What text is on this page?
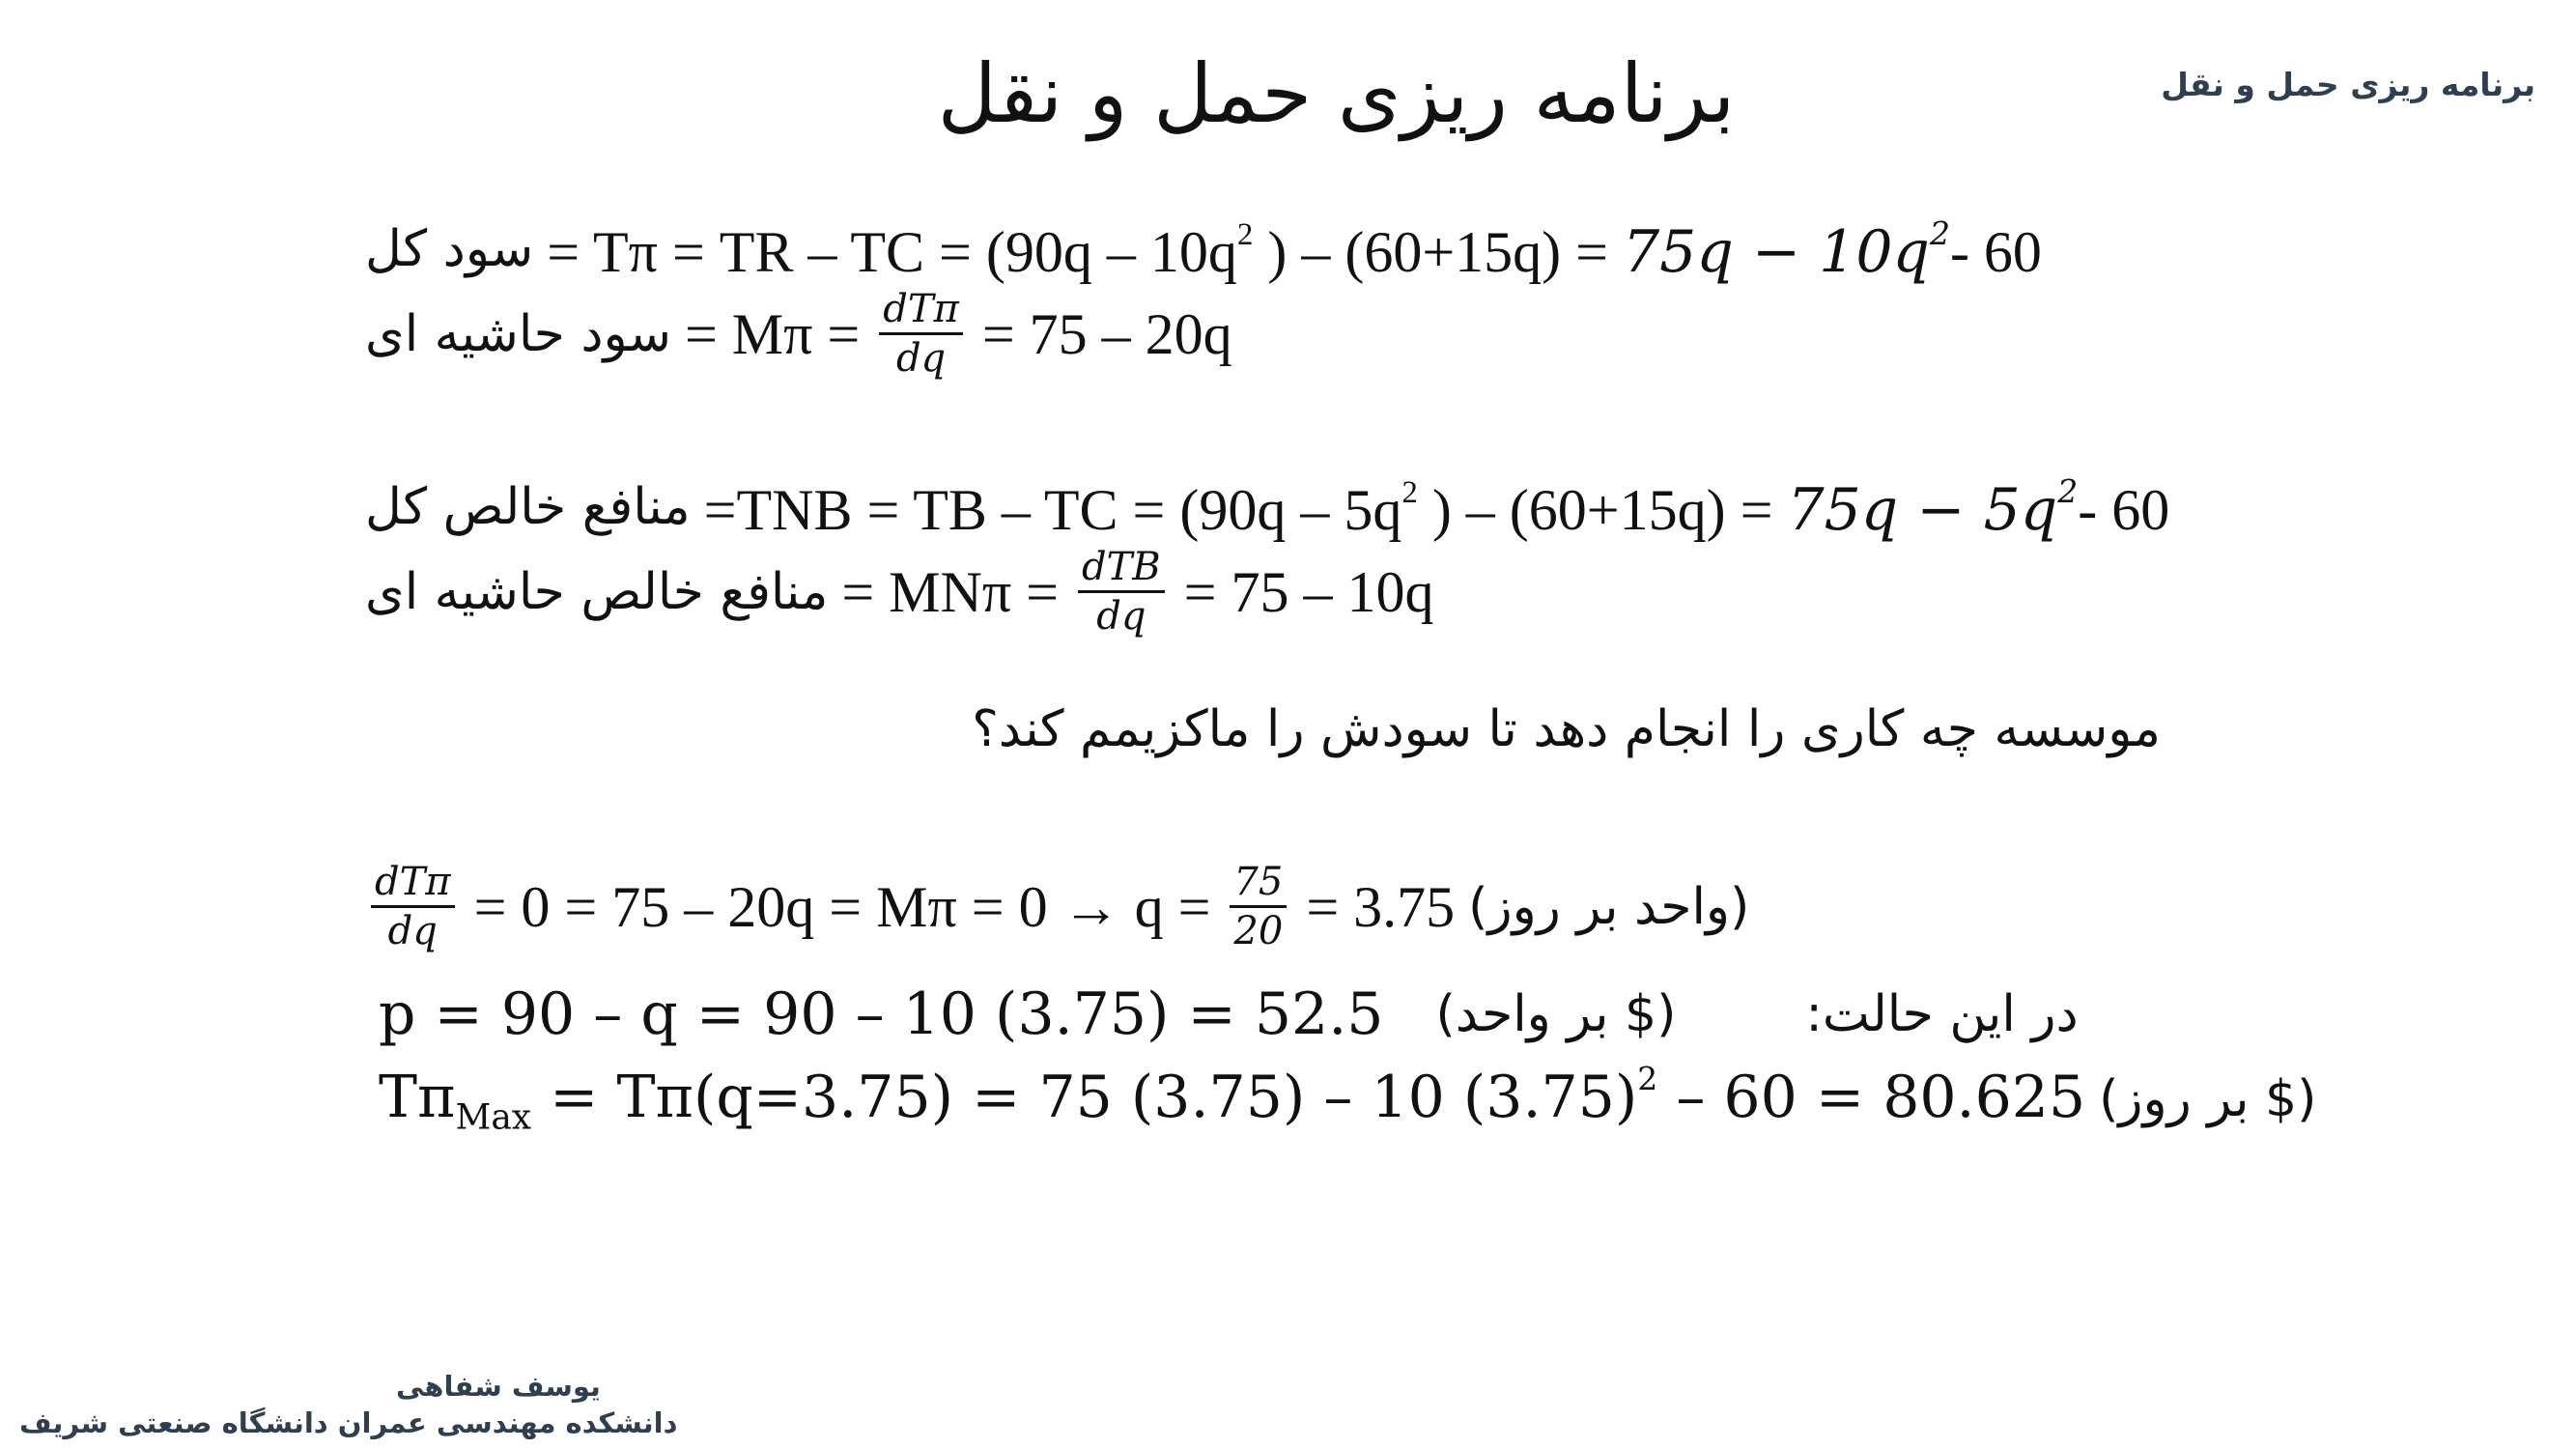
برنامه ریزی حمل و نقل
برنامه ریزی حمل و نقل
سود کل = Tπ = TR – TC = ($90q - 10q^2$ ) – $(60+15q) = 75q - 10q^2-$ 60
سود حاشیه ای = $M\pi = \frac{\text{dTπ}}{dq} = 75 - 20q$
منافع خالص کل =TNB = TB – TC = ($90q - 5q^2$ ) – $(60+15q) = 75q - 5q^2-$ 60
منافع خالص حاشیه ای = $MN\pi = \frac{\text{dTB}}{dq} = 75 - 10q$
موسسه چه کاری را انجام دهد تا سودش را ماکزیمم کند؟
$\frac{\text{dTπ}}{dq} = 0 = 75 - 20q = M\pi = 0 \to q = \frac{75}{20} = 3.75$ (واحد بر روز)
p = 90 – q = 90 – 10 (3.75) = 52.5 ($ بر واحد)	در این حالت:
$T\pi_{Max} = T\pi(q=3.75) = 75$ (3.75) – 10 $(3.75)^2 - 60 = 80.625$ ($ بر روز)
یوسف شفاهی
دانشکده مهندسی عمران دانشگاه صنعتی شریف
